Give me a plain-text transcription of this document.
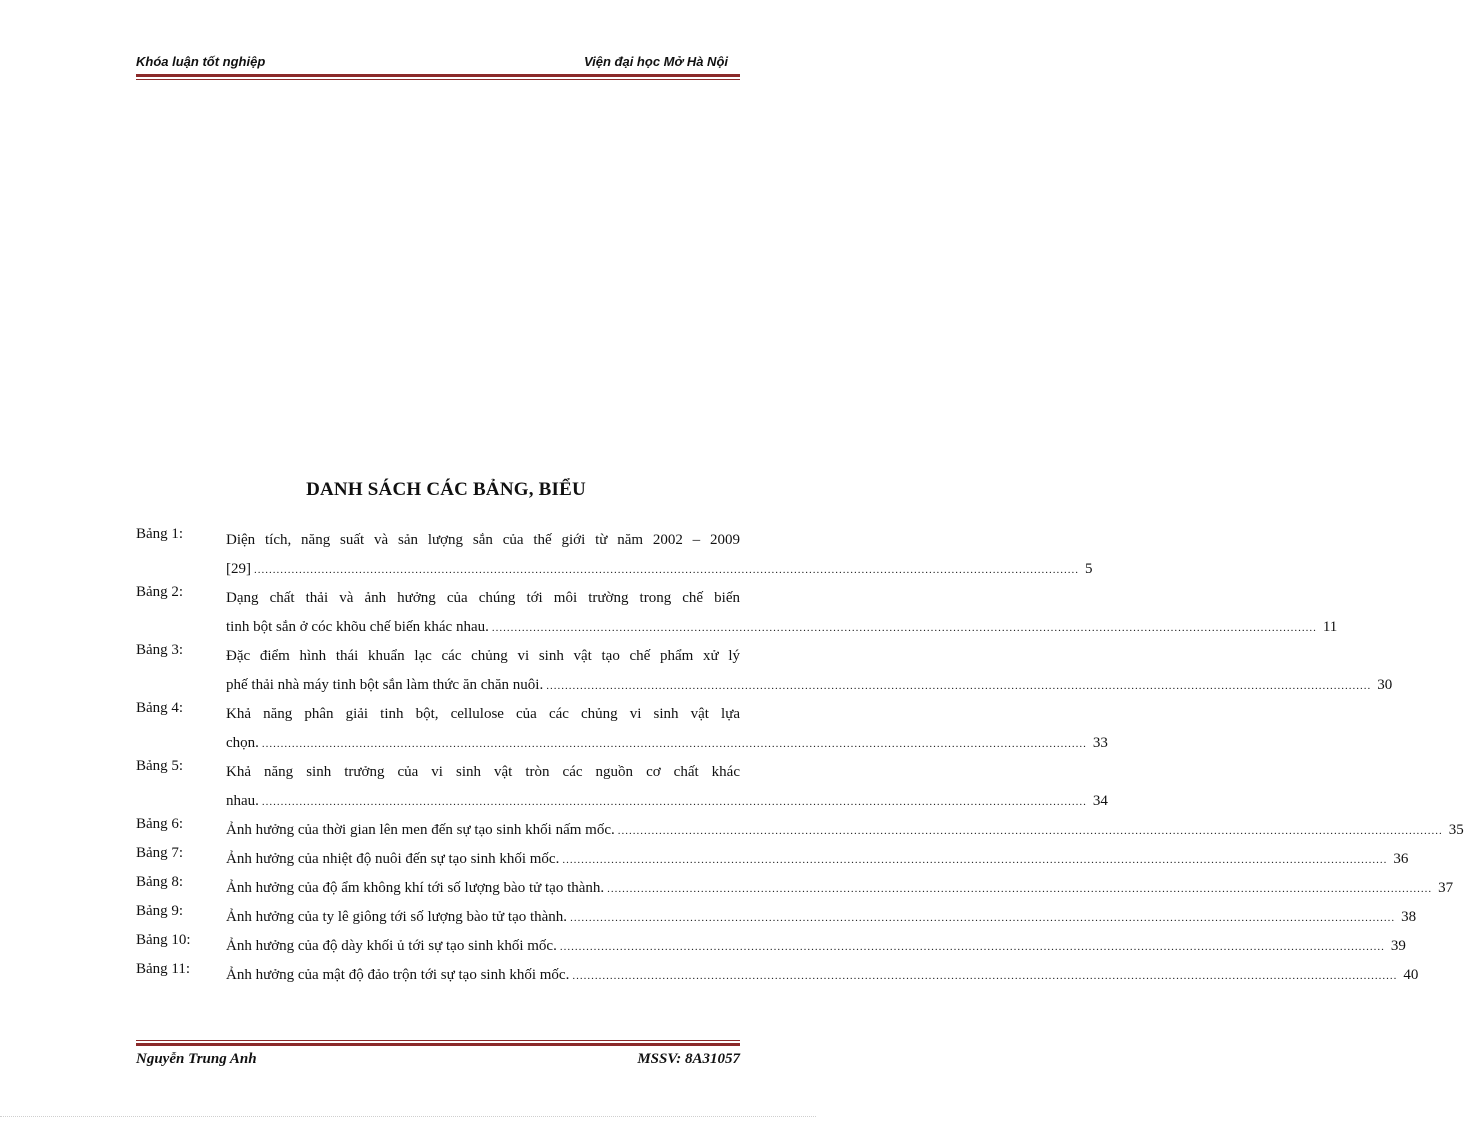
Khóa luận tốt nghiệp	Viện đại học Mở Hà Nội
DANH SÁCH CÁC BẢNG, BIỂU
Bảng 1:	Diện tích, năng suất và sản lượng sắn của thế giới từ năm 2002 – 2009
[29] ............................................................................................................................................................................................................................ 5
Bảng 2:	Dạng chất thải và ảnh hưởng của chúng tới môi trường trong chế biến
tinh bột sắn ở cóc khõu chế biến khác nhau. ............................................................................................................................................................................................................................ 11
Bảng 3:	Đặc điểm hình thái khuẩn lạc các chủng vi sinh vật tạo chế phẩm xử lý
phế thải nhà máy tinh bột sắn làm thức ăn chăn nuôi. ............................................................................................................................................................................................................................ 30
Bảng 4:	Khả năng phân giải tinh bột, cellulose của các chủng vi sinh vật lựa
chọn. ............................................................................................................................................................................................................................ 33
Bảng 5:	Khả năng sinh trưởng của vi sinh vật tròn các nguồn cơ chất khác
nhau. ............................................................................................................................................................................................................................ 34
Bảng 6:	Ảnh hưởng của thời gian lên men đến sự tạo sinh khối nấm mốc. ............................................................................................................................................................................................................................ 35
Bảng 7:	Ảnh hưởng của nhiệt độ nuôi đến sự tạo sinh khối mốc. ............................................................................................................................................................................................................................ 36
Bảng 8:	Ảnh hưởng của độ ẩm không khí tới số lượng bào tử tạo thành. ............................................................................................................................................................................................................................ 37
Bảng 9:	Ảnh hưởng của ty lê giông tới số lượng bào tử tạo thành. ............................................................................................................................................................................................................................ 38
Bảng 10: Ảnh hưởng của độ dày khối ủ tới sự tạo sinh khối mốc. ............................................................................................................................................................................................................................ 39
Bảng 11: Ảnh hưởng của mật độ đảo trộn tới sự tạo sinh khối mốc. ............................................................................................................................................................................................................................ 40
Nguyễn Trung Anh	MSSV: 8A31057
